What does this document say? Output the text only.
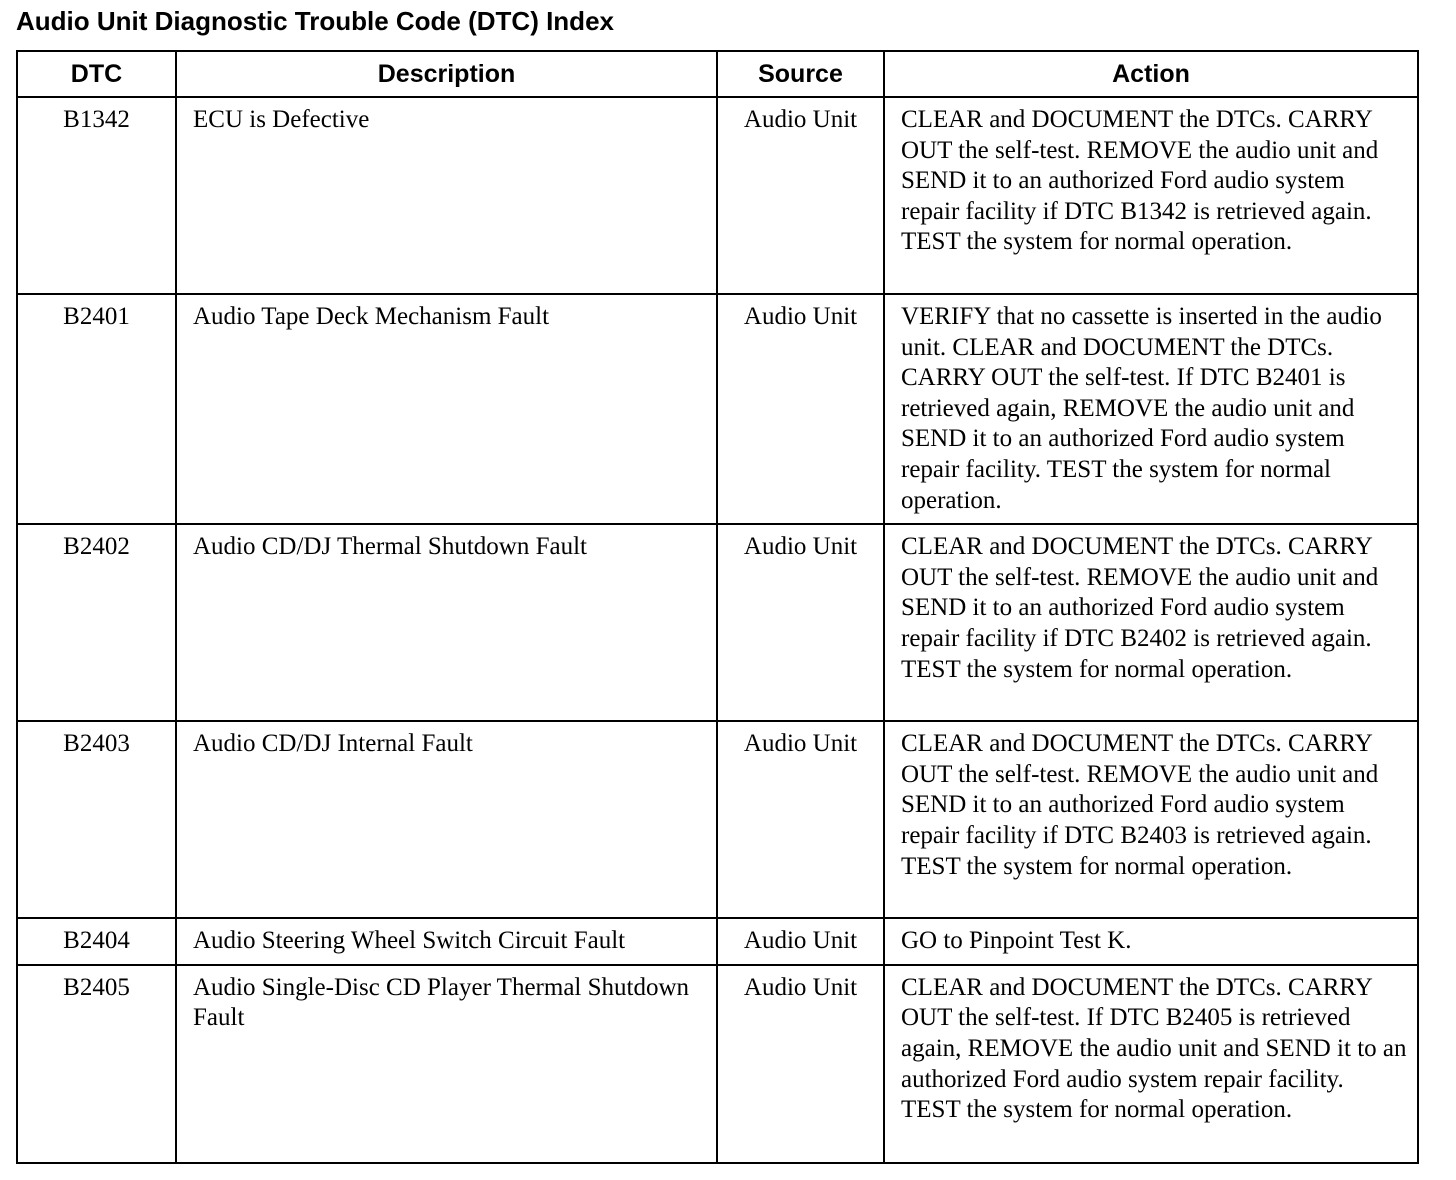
Audio Unit Diagnostic Trouble Code (DTC) Index
DTC	Description	Source	Action
B1342	ECU is Defective	Audio Unit	CLEAR and DOCUMENT the DTCs. CARRY OUT the self-test. REMOVE the audio unit and SEND it to an authorized Ford audio system repair facility if DTC B1342 is retrieved again. TEST the system for normal operation.
B2401	Audio Tape Deck Mechanism Fault	Audio Unit	VERIFY that no cassette is inserted in the audio unit. CLEAR and DOCUMENT the DTCs. CARRY OUT the self-test. If DTC B2401 is retrieved again, REMOVE the audio unit and SEND it to an authorized Ford audio system repair facility. TEST the system for normal operation.
B2402	Audio CD/DJ Thermal Shutdown Fault	Audio Unit	CLEAR and DOCUMENT the DTCs. CARRY OUT the self-test. REMOVE the audio unit and SEND it to an authorized Ford audio system repair facility if DTC B2402 is retrieved again. TEST the system for normal operation.
B2403	Audio CD/DJ Internal Fault	Audio Unit	CLEAR and DOCUMENT the DTCs. CARRY OUT the self-test. REMOVE the audio unit and SEND it to an authorized Ford audio system repair facility if DTC B2403 is retrieved again. TEST the system for normal operation.
B2404	Audio Steering Wheel Switch Circuit Fault	Audio Unit	GO to Pinpoint Test K.
B2405	Audio Single-Disc CD Player Thermal Shutdown Fault	Audio Unit	CLEAR and DOCUMENT the DTCs. CARRY OUT the self-test. If DTC B2405 is retrieved again, REMOVE the audio unit and SEND it to an authorized Ford audio system repair facility. TEST the system for normal operation.
